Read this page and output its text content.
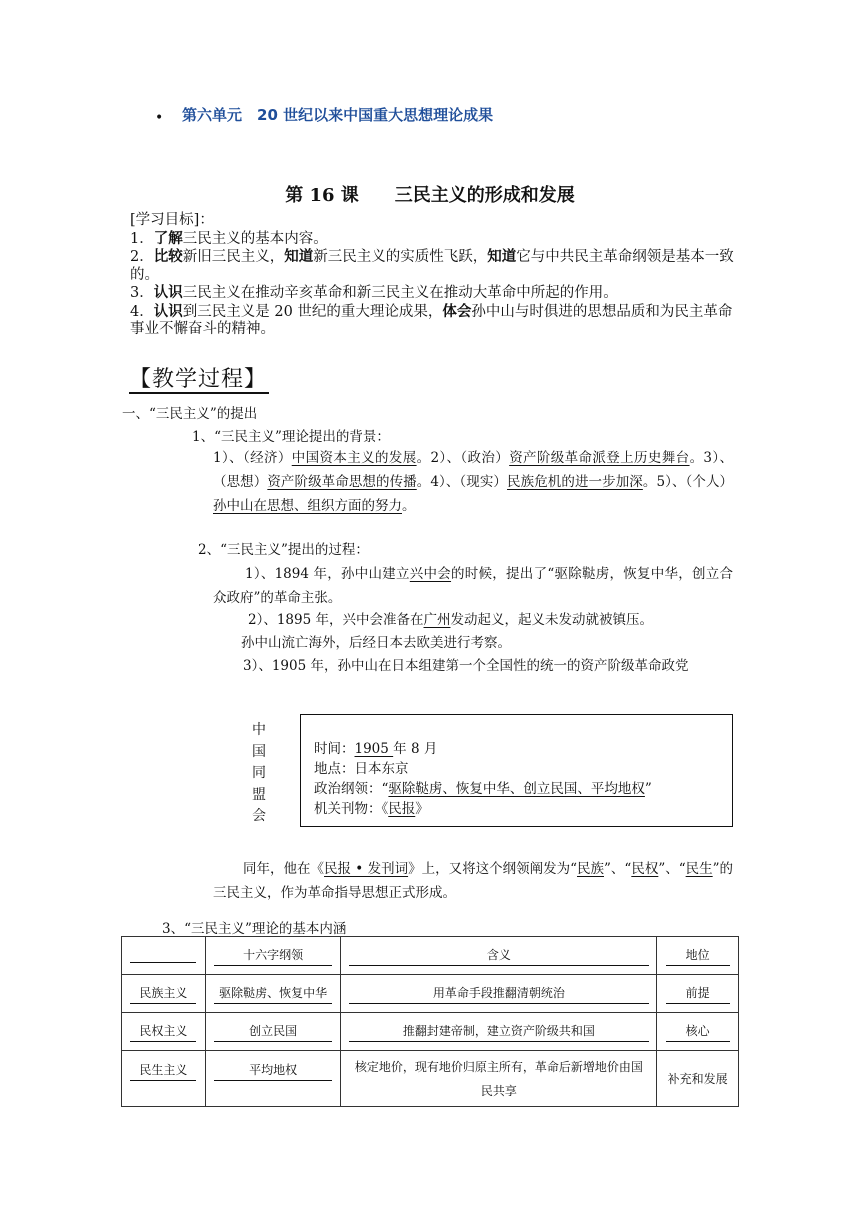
• 第六单元　20 世纪以来中国重大思想理论成果
第 16 课　　三民主义的形成和发展
[学习目标]：
1．了解三民主义的基本内容。
2．比较新旧三民主义，知道新三民主义的实质性飞跃，知道它与中共民主革命纲领是基本一致的。
3．认识三民主义在推动辛亥革命和新三民主义在推动大革命中所起的作用。
4．认识到三民主义是 20 世纪的重大理论成果，体会孙中山与时俱进的思想品质和为民主革命事业不懈奋斗的精神。
【教学过程】
一、“三民主义”的提出
1、“三民主义”理论提出的背景：
1）、（经济）中国资本主义的发展。2）、（政治）资产阶级革命派登上历史舞台。3）、（思想）资产阶级革命思想的传播。4）、（现实）民族危机的进一步加深。5）、（个人）孙中山在思想、组织方面的努力。
2、“三民主义”提出的过程：
1）、1894 年，孙中山建立兴中会的时候，提出了“驱除鞑虏，恢复中华，创立合众政府”的革命主张。
2）、1895 年，兴中会准备在广州发动起义，起义未发动就被镇压。
孙中山流亡海外，后经日本去欧美进行考察。
3）、1905 年，孙中山在日本组建第一个全国性的统一的资产阶级革命政党
中
国
同
盟
会
时间：1905 年 8 月
地点：日本东京
政治纲领：“驱除鞑虏、恢复中华、创立民国、平均地权”
机关刊物：《民报》
同年，他在《民报 • 发刊词》上，又将这个纲领阐发为“民族”、“民权”、“民生”的三民主义，作为革命指导思想正式形成。
3、“三民主义”理论的基本内涵
	十六字纲领	含义	地位
民族主义	驱除鞑虏、恢复中华	用革命手段推翻清朝统治	前提
民权主义	创立民国	推翻封建帝制，建立资产阶级共和国	核心
民生主义	平均地权	核定地价，现有地价归原主所有，革命后新增地价由国民共享	补充和发展
